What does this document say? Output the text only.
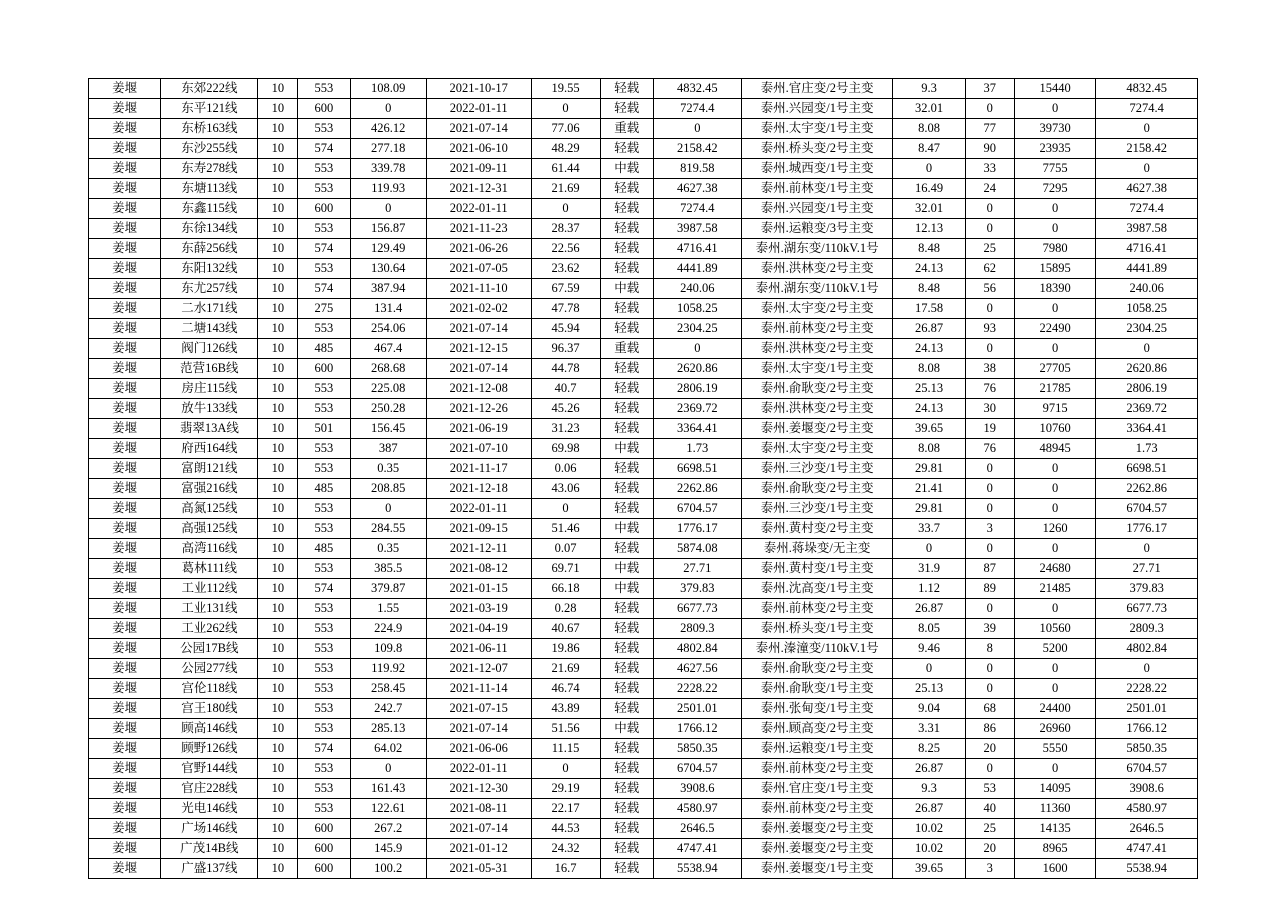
姜堰	东郊222线	10	553	108.09	2021-10-17	19.55	轻载	4832.45	泰州.官庄变/2号主变	9.3	37	15440	4832.45
姜堰	东平121线	10	600	0	2022-01-11	0	轻载	7274.4	泰州.兴园变/1号主变	32.01	0	0	7274.4
姜堰	东桥163线	10	553	426.12	2021-07-14	77.06	重载	0	泰州.太宇变/1号主变	8.08	77	39730	0
姜堰	东沙255线	10	574	277.18	2021-06-10	48.29	轻载	2158.42	泰州.桥头变/2号主变	8.47	90	23935	2158.42
姜堰	东寿278线	10	553	339.78	2021-09-11	61.44	中载	819.58	泰州.城西变/1号主变	0	33	7755	0
姜堰	东塘113线	10	553	119.93	2021-12-31	21.69	轻载	4627.38	泰州.前林变/1号主变	16.49	24	7295	4627.38
姜堰	东鑫115线	10	600	0	2022-01-11	0	轻载	7274.4	泰州.兴园变/1号主变	32.01	0	0	7274.4
姜堰	东徐134线	10	553	156.87	2021-11-23	28.37	轻载	3987.58	泰州.运粮变/3号主变	12.13	0	0	3987.58
姜堰	东薛256线	10	574	129.49	2021-06-26	22.56	轻载	4716.41	泰州.湖东变/110kV.1号	8.48	25	7980	4716.41
姜堰	东阳132线	10	553	130.64	2021-07-05	23.62	轻载	4441.89	泰州.洪林变/2号主变	24.13	62	15895	4441.89
姜堰	东尤257线	10	574	387.94	2021-11-10	67.59	中载	240.06	泰州.湖东变/110kV.1号	8.48	56	18390	240.06
姜堰	二水171线	10	275	131.4	2021-02-02	47.78	轻载	1058.25	泰州.太宇变/2号主变	17.58	0	0	1058.25
姜堰	二塘143线	10	553	254.06	2021-07-14	45.94	轻载	2304.25	泰州.前林变/2号主变	26.87	93	22490	2304.25
姜堰	阀门126线	10	485	467.4	2021-12-15	96.37	重载	0	泰州.洪林变/2号主变	24.13	0	0	0
姜堰	范营16B线	10	600	268.68	2021-07-14	44.78	轻载	2620.86	泰州.太宇变/1号主变	8.08	38	27705	2620.86
姜堰	房庄115线	10	553	225.08	2021-12-08	40.7	轻载	2806.19	泰州.俞耿变/2号主变	25.13	76	21785	2806.19
姜堰	放牛133线	10	553	250.28	2021-12-26	45.26	轻载	2369.72	泰州.洪林变/2号主变	24.13	30	9715	2369.72
姜堰	翡翠13A线	10	501	156.45	2021-06-19	31.23	轻载	3364.41	泰州.姜堰变/2号主变	39.65	19	10760	3364.41
姜堰	府西164线	10	553	387	2021-07-10	69.98	中载	1.73	泰州.太宇变/2号主变	8.08	76	48945	1.73
姜堰	富朗121线	10	553	0.35	2021-11-17	0.06	轻载	6698.51	泰州.三沙变/1号主变	29.81	0	0	6698.51
姜堰	富强216线	10	485	208.85	2021-12-18	43.06	轻载	2262.86	泰州.俞耿变/2号主变	21.41	0	0	2262.86
姜堰	高氮125线	10	553	0	2022-01-11	0	轻载	6704.57	泰州.三沙变/1号主变	29.81	0	0	6704.57
姜堰	高强125线	10	553	284.55	2021-09-15	51.46	中载	1776.17	泰州.黄村变/2号主变	33.7	3	1260	1776.17
姜堰	高湾116线	10	485	0.35	2021-12-11	0.07	轻载	5874.08	泰州.蒋垛变/无主变	0	0	0	0
姜堰	葛林111线	10	553	385.5	2021-08-12	69.71	中载	27.71	泰州.黄村变/1号主变	31.9	87	24680	27.71
姜堰	工业112线	10	574	379.87	2021-01-15	66.18	中载	379.83	泰州.沈高变/1号主变	1.12	89	21485	379.83
姜堰	工业131线	10	553	1.55	2021-03-19	0.28	轻载	6677.73	泰州.前林变/2号主变	26.87	0	0	6677.73
姜堰	工业262线	10	553	224.9	2021-04-19	40.67	轻载	2809.3	泰州.桥头变/1号主变	8.05	39	10560	2809.3
姜堰	公园17B线	10	553	109.8	2021-06-11	19.86	轻载	4802.84	泰州.溱潼变/110kV.1号	9.46	8	5200	4802.84
姜堰	公园277线	10	553	119.92	2021-12-07	21.69	轻载	4627.56	泰州.俞耿变/2号主变	0	0	0	0
姜堰	宫伦118线	10	553	258.45	2021-11-14	46.74	轻载	2228.22	泰州.俞耿变/1号主变	25.13	0	0	2228.22
姜堰	宫王180线	10	553	242.7	2021-07-15	43.89	轻载	2501.01	泰州.张甸变/1号主变	9.04	68	24400	2501.01
姜堰	顾高146线	10	553	285.13	2021-07-14	51.56	中载	1766.12	泰州.顾高变/2号主变	3.31	86	26960	1766.12
姜堰	顾野126线	10	574	64.02	2021-06-06	11.15	轻载	5850.35	泰州.运粮变/1号主变	8.25	20	5550	5850.35
姜堰	官野144线	10	553	0	2022-01-11	0	轻载	6704.57	泰州.前林变/2号主变	26.87	0	0	6704.57
姜堰	官庄228线	10	553	161.43	2021-12-30	29.19	轻载	3908.6	泰州.官庄变/1号主变	9.3	53	14095	3908.6
姜堰	光电146线	10	553	122.61	2021-08-11	22.17	轻载	4580.97	泰州.前林变/2号主变	26.87	40	11360	4580.97
姜堰	广场146线	10	600	267.2	2021-07-14	44.53	轻载	2646.5	泰州.姜堰变/2号主变	10.02	25	14135	2646.5
姜堰	广茂14B线	10	600	145.9	2021-01-12	24.32	轻载	4747.41	泰州.姜堰变/2号主变	10.02	20	8965	4747.41
姜堰	广盛137线	10	600	100.2	2021-05-31	16.7	轻载	5538.94	泰州.姜堰变/1号主变	39.65	3	1600	5538.94
